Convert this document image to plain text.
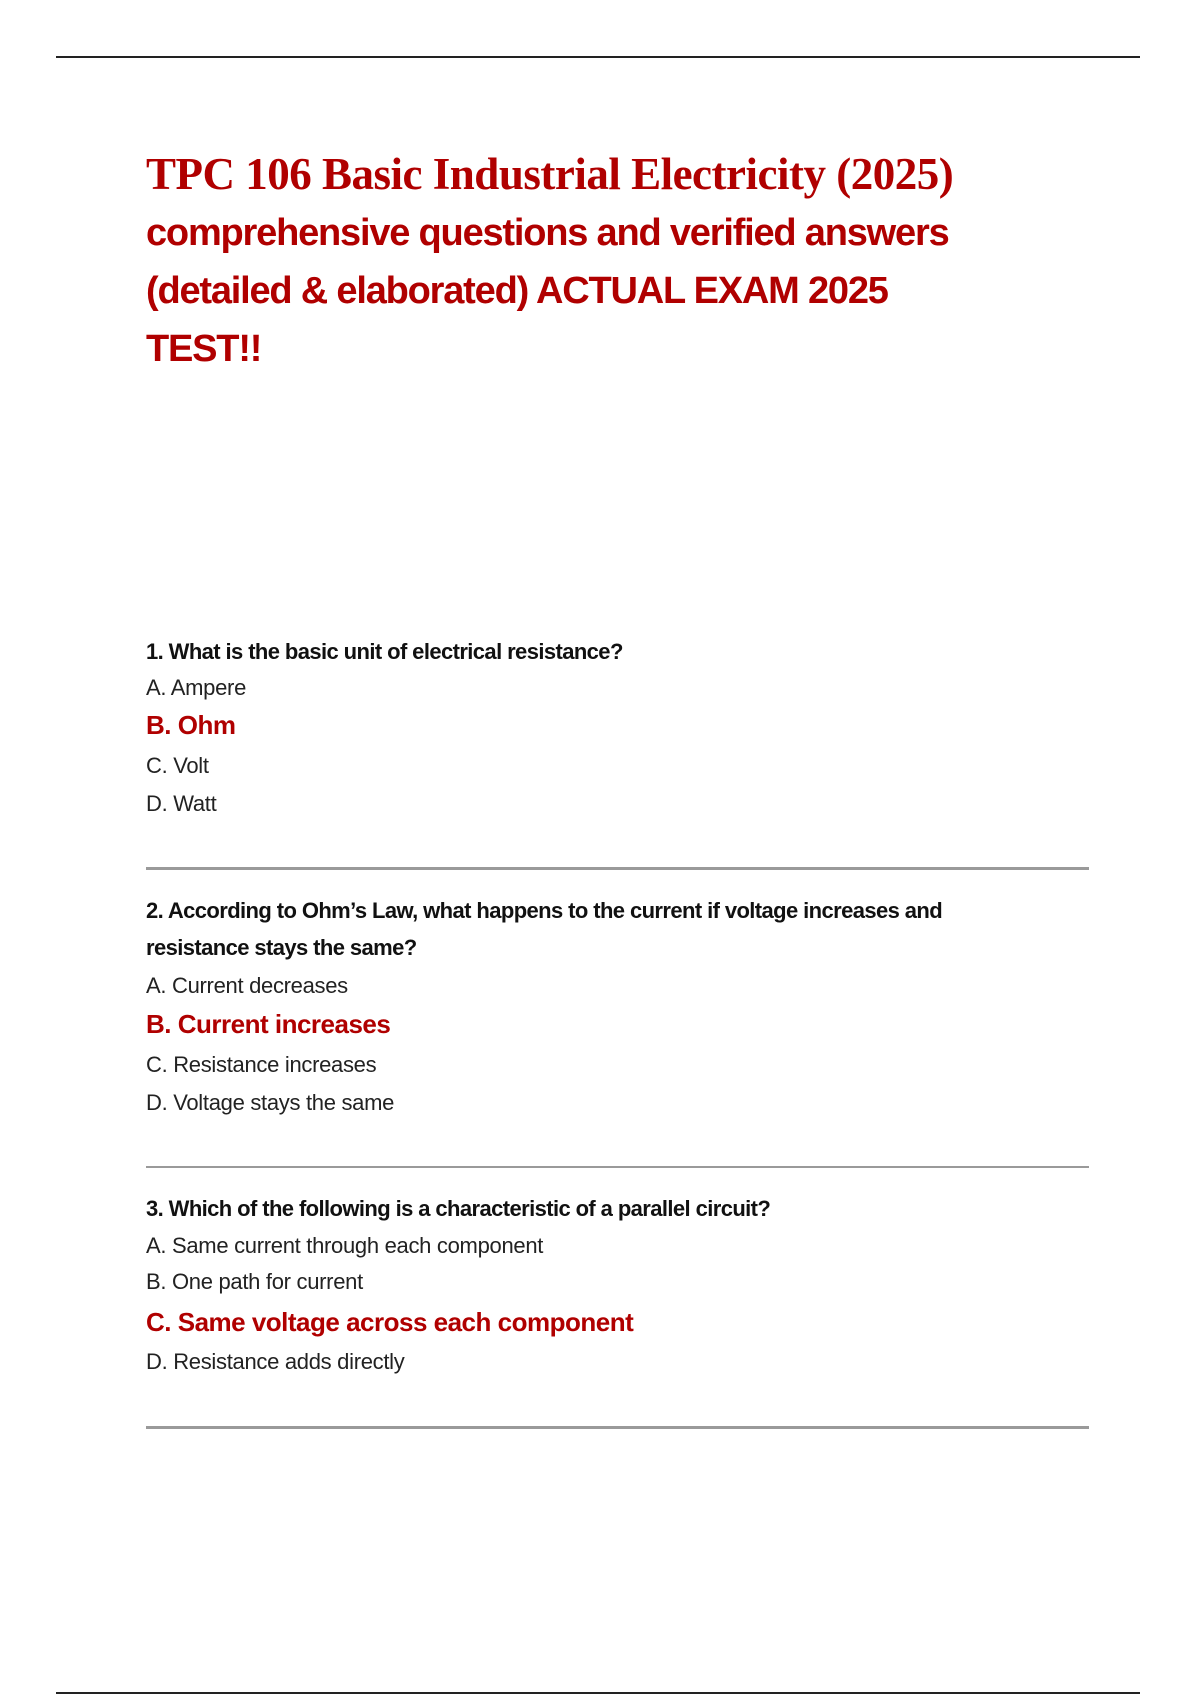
TPC 106 Basic Industrial Electricity (2025)
comprehensive questions and verified answers
(detailed & elaborated) ACTUAL EXAM 2025
TEST!!
1. What is the basic unit of electrical resistance?
A. Ampere
B. Ohm
C. Volt
D. Watt
2. According to Ohm’s Law, what happens to the current if voltage increases and
resistance stays the same?
A. Current decreases
B. Current increases
C. Resistance increases
D. Voltage stays the same
3. Which of the following is a characteristic of a parallel circuit?
A. Same current through each component
B. One path for current
C. Same voltage across each component
D. Resistance adds directly
